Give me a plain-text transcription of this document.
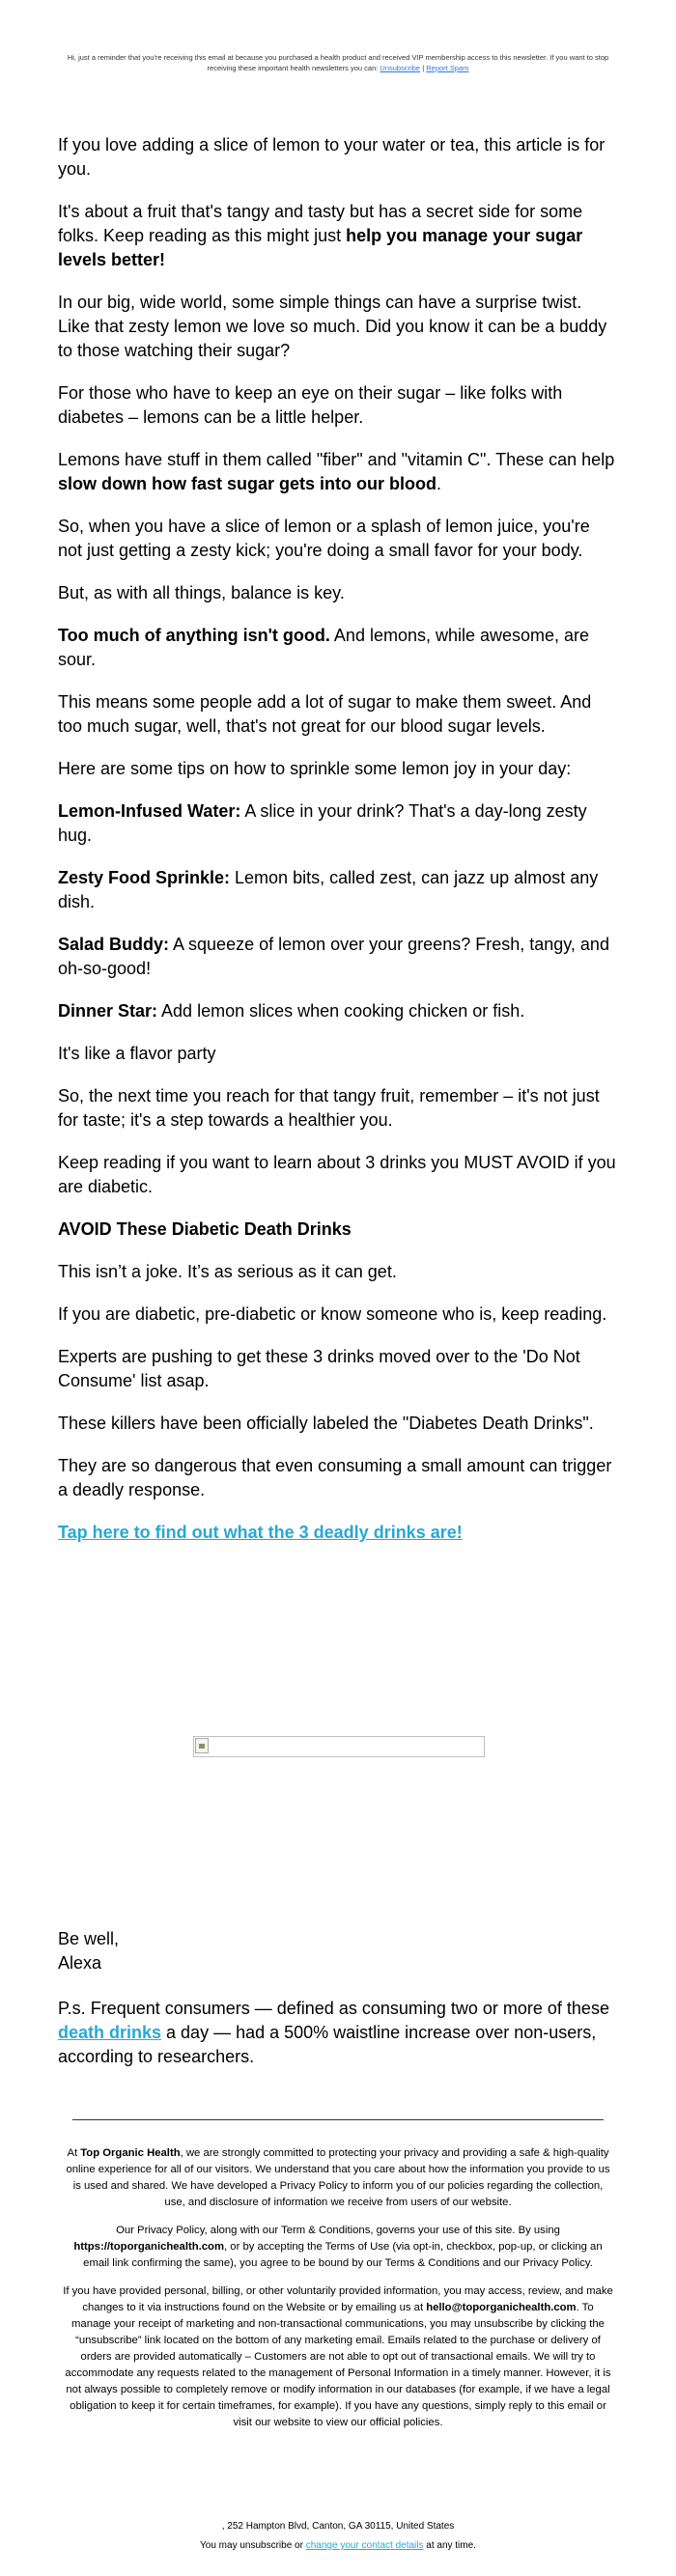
Hi, just a reminder that you're receiving this email at because you purchased a health product and received VIP membership access to this newsletter. If you want to stop receiving these important health newsletters you can: Unsubscribe | Report Spam

If you love adding a slice of lemon to your water or tea, this article is for you.

It's about a fruit that's tangy and tasty but has a secret side for some folks. Keep reading as this might just help you manage your sugar levels better!

In our big, wide world, some simple things can have a surprise twist. Like that zesty lemon we love so much. Did you know it can be a buddy to those watching their sugar?

For those who have to keep an eye on their sugar – like folks with diabetes – lemons can be a little helper.

Lemons have stuff in them called "fiber" and "vitamin C". These can help slow down how fast sugar gets into our blood.

So, when you have a slice of lemon or a splash of lemon juice, you're not just getting a zesty kick; you're doing a small favor for your body.

But, as with all things, balance is key.

Too much of anything isn't good. And lemons, while awesome, are sour.

This means some people add a lot of sugar to make them sweet. And too much sugar, well, that's not great for our blood sugar levels.

Here are some tips on how to sprinkle some lemon joy in your day:

Lemon-Infused Water: A slice in your drink? That's a day-long zesty hug.

Zesty Food Sprinkle: Lemon bits, called zest, can jazz up almost any dish.

Salad Buddy: A squeeze of lemon over your greens? Fresh, tangy, and oh-so-good!

Dinner Star: Add lemon slices when cooking chicken or fish.

It's like a flavor party

So, the next time you reach for that tangy fruit, remember – it's not just for taste; it's a step towards a healthier you.

Keep reading if you want to learn about 3 drinks you MUST AVOID if you are diabetic.

AVOID These Diabetic Death Drinks

This isn’t a joke. It’s as serious as it can get.

If you are diabetic, pre-diabetic or know someone who is, keep reading.

Experts are pushing to get these 3 drinks moved over to the 'Do Not Consume' list asap.

These killers have been officially labeled the "Diabetes Death Drinks".

They are so dangerous that even consuming a small amount can trigger a deadly response.

Tap here to find out what the 3 deadly drinks are!

Be well,
Alexa
P.s. Frequent consumers — defined as consuming two or more of these death drinks a day — had a 500% waistline increase over non-users, according to researchers.

At Top Organic Health, we are strongly committed to protecting your privacy and providing a safe & high-quality online experience for all of our visitors. We understand that you care about how the information you provide to us is used and shared. We have developed a Privacy Policy to inform you of our policies regarding the collection, use, and disclosure of information we receive from users of our website.

Our Privacy Policy, along with our Term & Conditions, governs your use of this site. By using https://toporganichealth.com, or by accepting the Terms of Use (via opt-in, checkbox, pop-up, or clicking an email link confirming the same), you agree to be bound by our Terms & Conditions and our Privacy Policy.

If you have provided personal, billing, or other voluntarily provided information, you may access, review, and make changes to it via instructions found on the Website or by emailing us at hello@toporganichealth.com. To manage your receipt of marketing and non-transactional communications, you may unsubscribe by clicking the “unsubscribe” link located on the bottom of any marketing email. Emails related to the purchase or delivery of orders are provided automatically – Customers are not able to opt out of transactional emails. We will try to accommodate any requests related to the management of Personal Information in a timely manner. However, it is not always possible to completely remove or modify information in our databases (for example, if we have a legal obligation to keep it for certain timeframes, for example). If you have any questions, simply reply to this email or visit our website to view our official policies.

, 252 Hampton Blvd, Canton, GA 30115, United States
You may unsubscribe or change your contact details at any time.
